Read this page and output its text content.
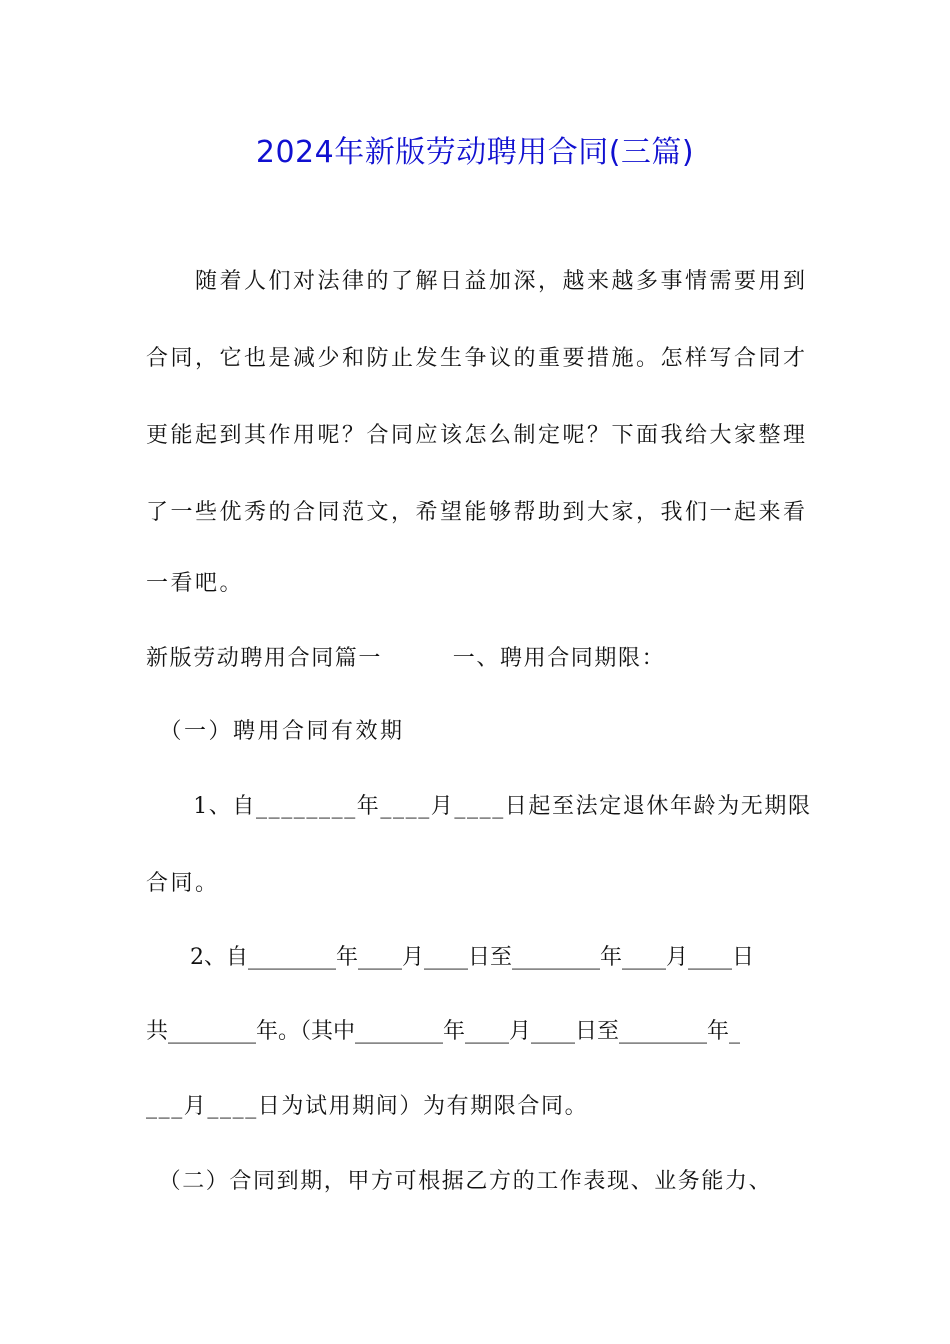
2024年新版劳动聘用合同(三篇)
　　随着人们对法律的了解日益加深，越来越多事情需要用到
合同，它也是减少和防止发生争议的重要措施。怎样写合同才
更能起到其作用呢？合同应该怎么制定呢？下面我给大家整理
了一些优秀的合同范文，希望能够帮助到大家，我们一起来看
一看吧。
新版劳动聘用合同篇一　　　一、聘用合同期限：
　（一）聘用合同有效期
　　1、自________年____月____日起至法定退休年龄为无期限
合同。
　　2、自________年____月____日至________年____月____日
共________年。（其中________年____月____日至________年_
___月____日为试用期间）为有期限合同。
　（二）合同到期，甲方可根据乙方的工作表现、业务能力、
